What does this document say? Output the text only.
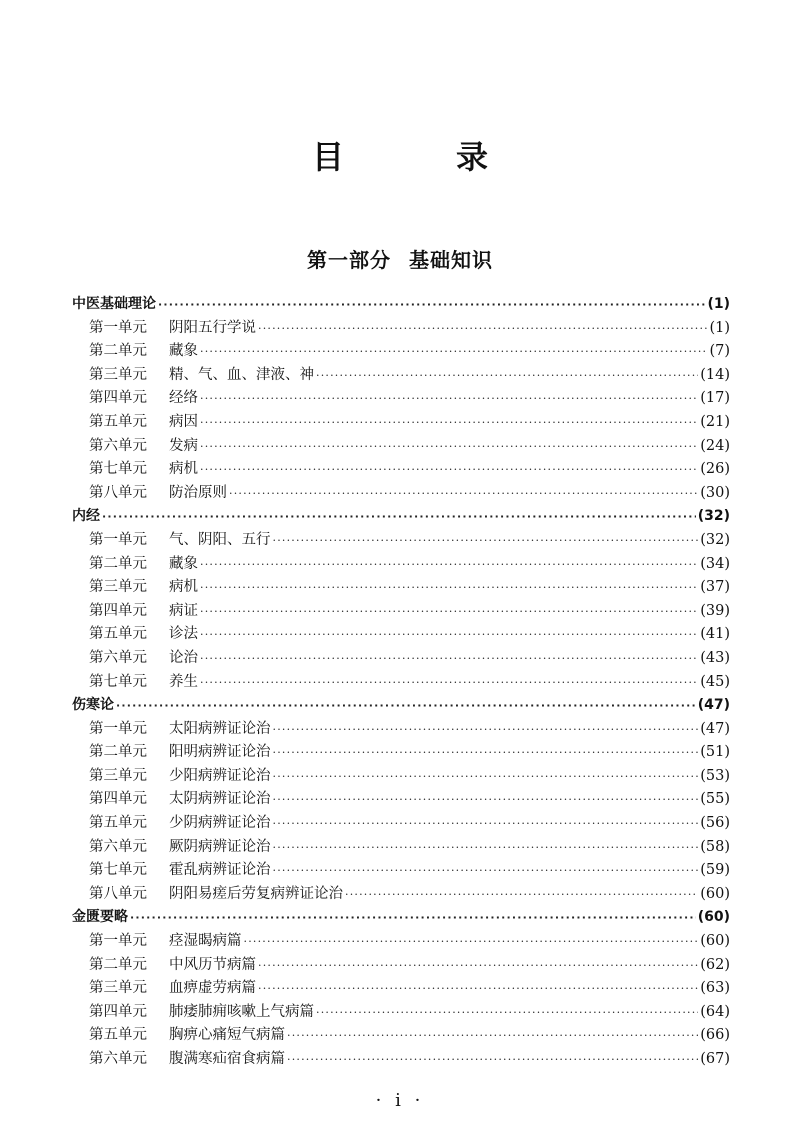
目　录
第一部分 基础知识
中医基础理论 ·····	(1)
第一单元	阴阳五行学说 ·····	(1)
第二单元	藏象 ·····	(7)
第三单元	精、气、血、津液、神 ·····	(14)
第四单元	经络 ·····	(17)
第五单元	病因 ·····	(21)
第六单元	发病 ·····	(24)
第七单元	病机 ·····	(26)
第八单元	防治原则 ·····	(30)
内经 ·····	(32)
第一单元	气、阴阳、五行 ·····	(32)
第二单元	藏象 ·····	(34)
第三单元	病机 ·····	(37)
第四单元	病证 ·····	(39)
第五单元	诊法 ·····	(41)
第六单元	论治 ·····	(43)
第七单元	养生 ·····	(45)
伤寒论 ·····	(47)
第一单元	太阳病辨证论治 ·····	(47)
第二单元	阳明病辨证论治 ·····	(51)
第三单元	少阳病辨证论治 ·····	(53)
第四单元	太阴病辨证论治 ·····	(55)
第五单元	少阴病辨证论治 ·····	(56)
第六单元	厥阴病辨证论治 ·····	(58)
第七单元	霍乱病辨证论治 ·····	(59)
第八单元	阴阳易瘥后劳复病辨证论治 ·····	(60)
金匮要略 ·····	(60)
第一单元	痉湿暍病篇 ·····	(60)
第二单元	中风历节病篇 ·····	(62)
第三单元	血痹虚劳病篇 ·····	(63)
第四单元	肺痿肺痈咳嗽上气病篇 ·····	(64)
第五单元	胸痹心痛短气病篇 ·····	(66)
第六单元	腹满寒疝宿食病篇 ·····	(67)
· i ·
